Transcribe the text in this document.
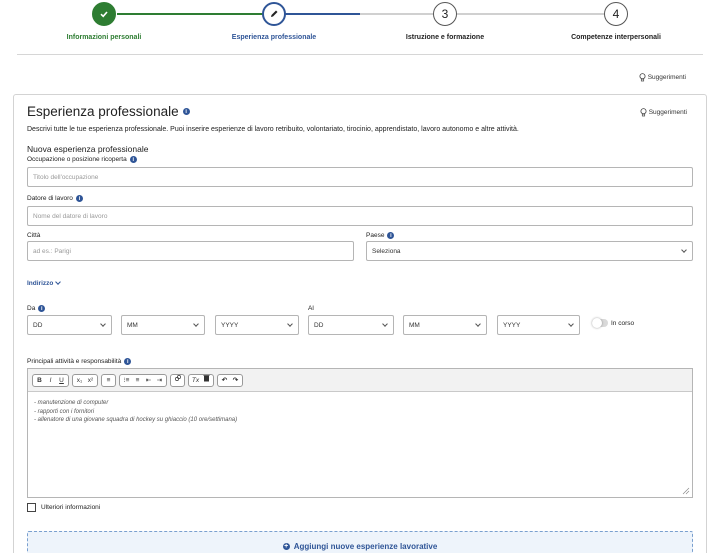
3	4
Informazioni personali	Esperienza professionale	Istruzione e formazione	Competenze interpersonali
Suggerimenti
Esperienza professionale	i	Suggerimenti
Descrivi tutte le tue esperienza professionale. Puoi inserire esperienze di lavoro retribuito, volontariato, tirocinio, apprendistato, lavoro autonomo e altre attività.
Nuova esperienza professionale
Occupazione o posizione ricoperta	i
Titolo dell'occupazione
Datore di lavoro	i
Nome del datore di lavoro
Città
ad es.: Parigi
Paese	i
Seleziona
Indirizzo
Da	i
DD	MM	YYYY
Al
DD	MM	YYYY	In corso
Principali attività e responsabilità	i
B	I	U	x₁ x²	≡	⁝≡ ≡ ⇤ ⇥	Tx	↶ ↷
- manutenzione di computer
- rapporti con i fornitori
- allenatore di una giovane squadra di hockey su ghiaccio (10 ore/settimana)
Ulteriori informazioni
+ Aggiungi nuove esperienze lavorative
